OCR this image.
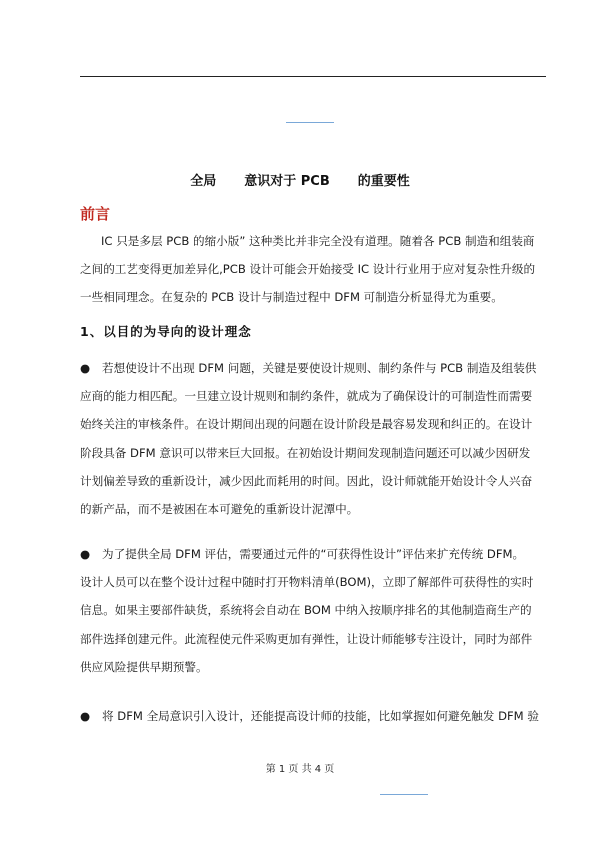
全局 意识对于 PCB 的重要性
前言
IC 只是多层 PCB 的缩小版” 这种类比并非完全没有道理。随着各 PCB 制造和组装商
之间的工艺变得更加差异化,PCB 设计可能会开始接受 IC 设计行业用于应对复杂性升级的
一些相同理念。在复杂的 PCB 设计与制造过程中 DFM 可制造分析显得尤为重要。
1、以目的为导向的设计理念
● 若想使设计不出现 DFM 问题，关键是要使设计规则、制约条件与 PCB 制造及组装供
应商的能力相匹配。一旦建立设计规则和制约条件，就成为了确保设计的可制造性而需要
始终关注的审核条件。在设计期间出现的问题在设计阶段是最容易发现和纠正的。在设计
阶段具备 DFM 意识可以带来巨大回报。在初始设计期间发现制造问题还可以减少因研发
计划偏差导致的重新设计，减少因此而耗用的时间。因此，设计师就能开始设计令人兴奋
的新产品，而不是被困在本可避免的重新设计泥潭中。
● 为了提供全局 DFM 评估，需要通过元件的“可获得性设计”评估来扩充传统 DFM。
设计人员可以在整个设计过程中随时打开物料清单(BOM)，立即了解部件可获得性的实时
信息。如果主要部件缺货，系统将会自动在 BOM 中纳入按顺序排名的其他制造商生产的
部件选择创建元件。此流程使元件采购更加有弹性，让设计师能够专注设计，同时为部件
供应风险提供早期预警。
● 将 DFM 全局意识引入设计，还能提高设计师的技能，比如掌握如何避免触发 DFM 验
第 1 页 共 4 页
